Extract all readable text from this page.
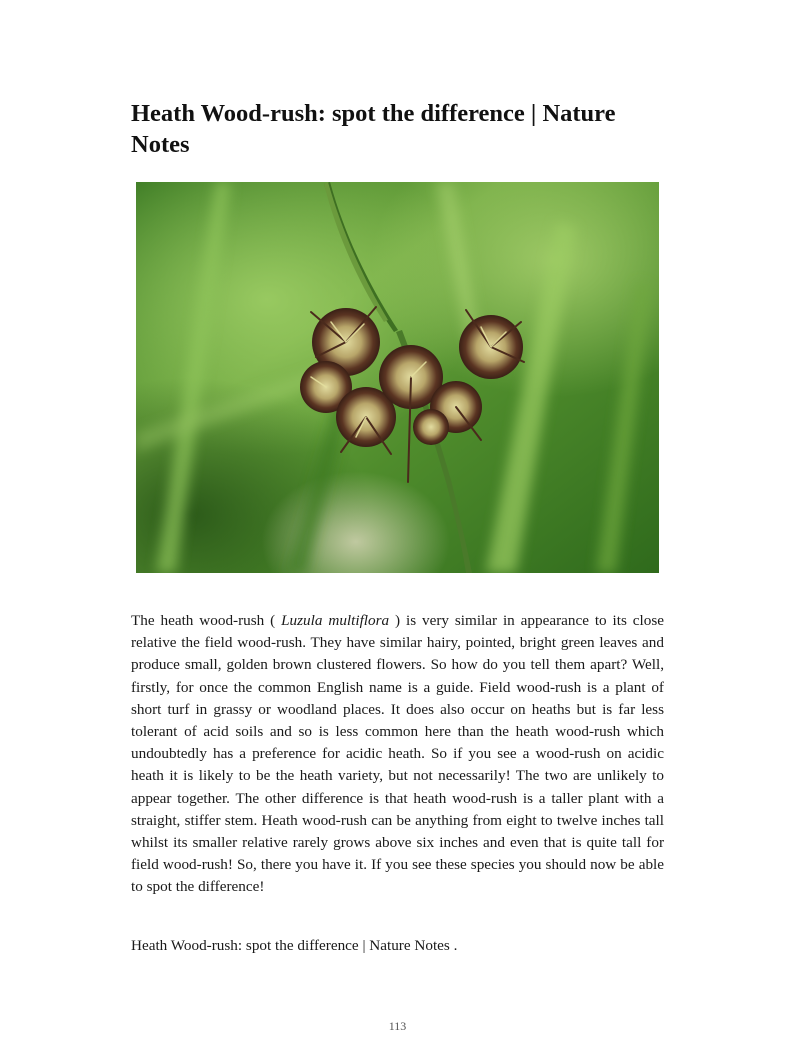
Heath Wood-rush: spot the difference | Nature Notes

The heath wood-rush ( Luzula multiflora ) is very similar in appearance to its close relative the field wood-rush. They have similar hairy, pointed, bright green leaves and produce small, golden brown clustered flowers. So how do you tell them apart? Well, firstly, for once the common English name is a guide. Field wood-rush is a plant of short turf in grassy or woodland places. It does also occur on heaths but is far less tolerant of acid soils and so is less common here than the heath wood-rush which undoubtedly has a preference for acidic heath. So if you see a wood-rush on acidic heath it is likely to be the heath variety, but not necessarily! The two are unlikely to appear together. The other difference is that heath wood-rush is a taller plant with a straight, stiffer stem. Heath wood-rush can be anything from eight to twelve inches tall whilst its smaller relative rarely grows above six inches and even that is quite tall for field wood-rush! So, there you have it. If you see these species you should now be able to spot the difference!

Heath Wood-rush: spot the difference | Nature Notes .

113
